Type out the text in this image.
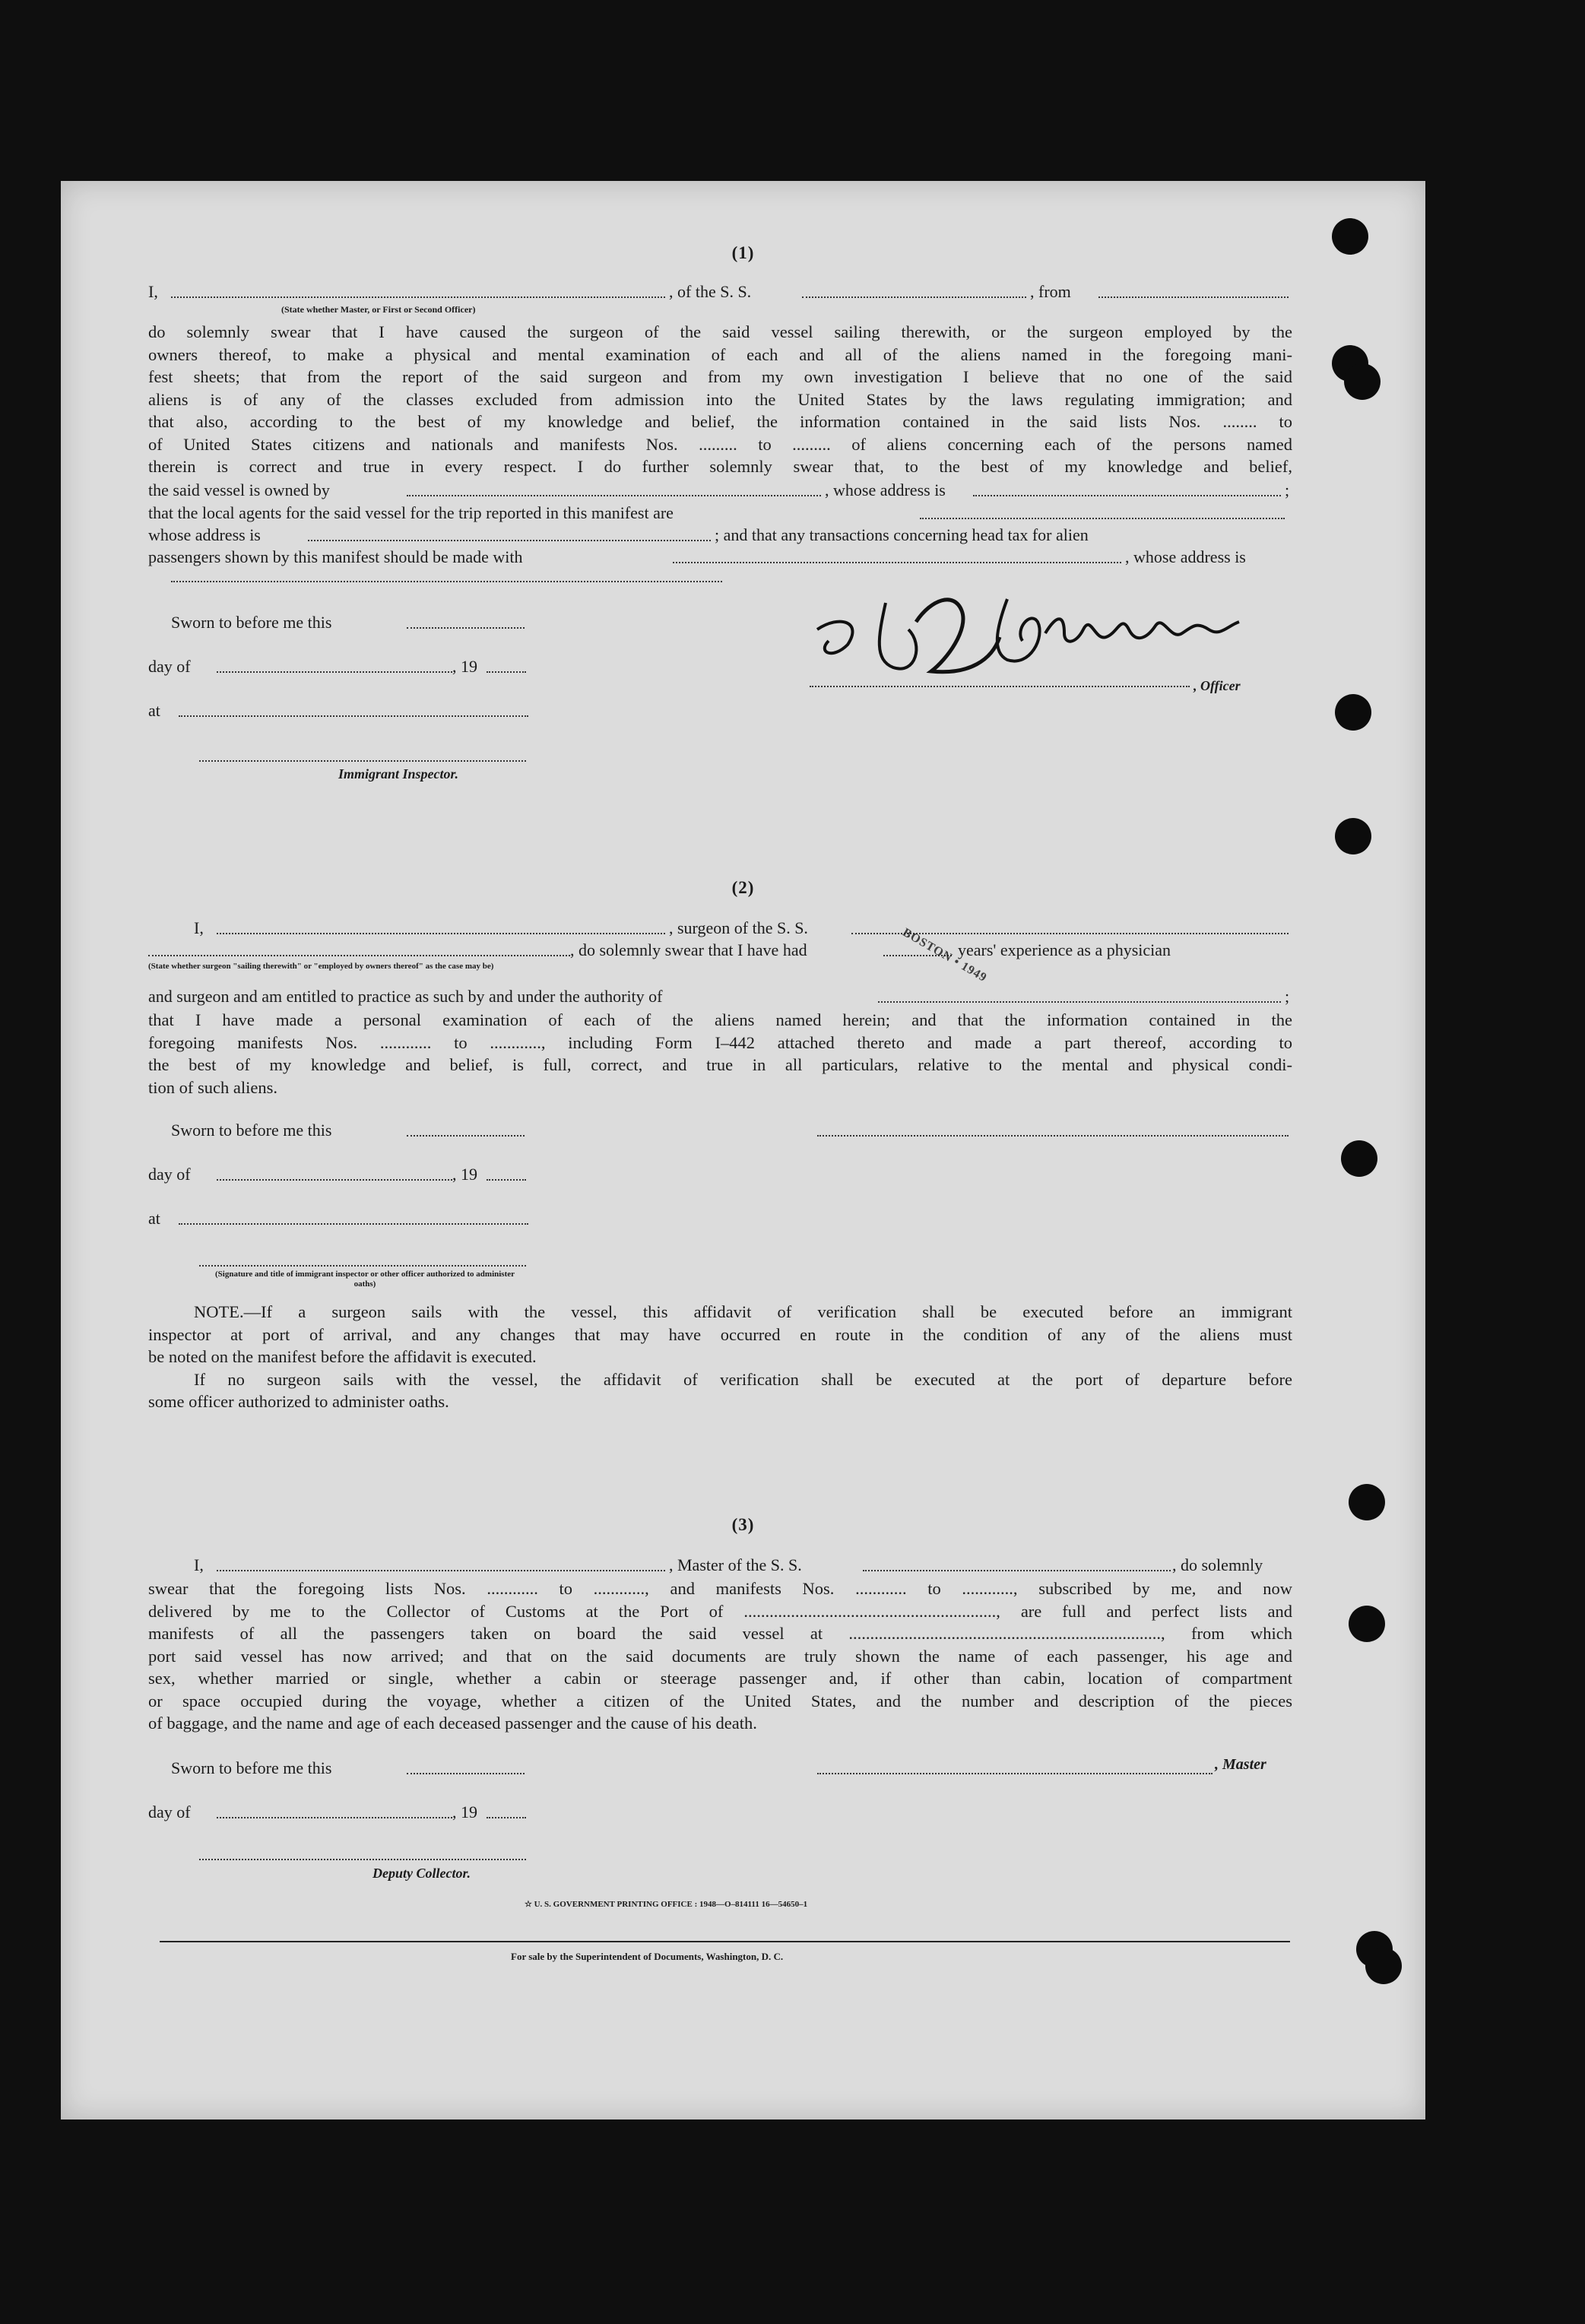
(1)
I,	, of the S. S.	, from
(State whether Master, or First or Second Officer)
do solemnly swear that I have caused the surgeon of the said vessel sailing therewith, or the surgeon employed by the
owners thereof, to make a physical and mental examination of each and all of the aliens named in the foregoing mani-
fest sheets; that from the report of the said surgeon and from my own investigation I believe that no one of the said
aliens is of any of the classes excluded from admission into the United States by the laws regulating immigration; and
that also, according to the best of my knowledge and belief, the information contained in the said lists Nos. ........ to
of United States citizens and nationals and manifests Nos. ......... to ......... of aliens concerning each of the persons named
therein is correct and true in every respect. I do further solemnly swear that, to the best of my knowledge and belief,
the said vessel is owned by	, whose address is	;
that the local agents for the said vessel for the trip reported in this manifest are
whose address is	; and that any transactions concerning head tax for alien
passengers shown by this manifest should be made with	, whose address is
Sworn to before me this
day of	, 19
at
Immigrant Inspector.
, Officer
(2)
I,	, surgeon of the S. S.
, do solemnly swear that I have had	years' experience as a physician
(State whether surgeon "sailing therewith" or "employed by owners thereof" as the case may be)	BOSTON • 1949
and surgeon and am entitled to practice as such by and under the authority of	;
that I have made a personal examination of each of the aliens named herein; and that the information contained in the
foregoing manifests Nos. ............ to ............, including Form I–442 attached thereto and made a part thereof, according to
the best of my knowledge and belief, is full, correct, and true in all particulars, relative to the mental and physical condi-
tion of such aliens.
Sworn to before me this
day of	, 19
at
(Signature and title of immigrant inspector or other officer authorized to administer oaths)
NOTE.—If a surgeon sails with the vessel, this affidavit of verification shall be executed before an immigrant
inspector at port of arrival, and any changes that may have occurred en route in the condition of any of the aliens must
be noted on the manifest before the affidavit is executed.
If no surgeon sails with the vessel, the affidavit of verification shall be executed at the port of departure before
some officer authorized to administer oaths.
(3)
I,	, Master of the S. S.	, do solemnly
swear that the foregoing lists Nos. ............ to ............, and manifests Nos. ............ to ............, subscribed by me, and now
delivered by me to the Collector of Customs at the Port of ..........................................................., are full and perfect lists and
manifests of all the passengers taken on board the said vessel at ........................................................................., from which
port said vessel has now arrived; and that on the said documents are truly shown the name of each passenger, his age and
sex, whether married or single, whether a cabin or steerage passenger and, if other than cabin, location of compartment
or space occupied during the voyage, whether a citizen of the United States, and the number and description of the pieces
of baggage, and the name and age of each deceased passenger and the cause of his death.
Sworn to before me this	, Master
day of	, 19
Deputy Collector.
☆ U. S. GOVERNMENT PRINTING OFFICE : 1948—O–814111 16—54650–1
For sale by the Superintendent of Documents, Washington, D. C.
